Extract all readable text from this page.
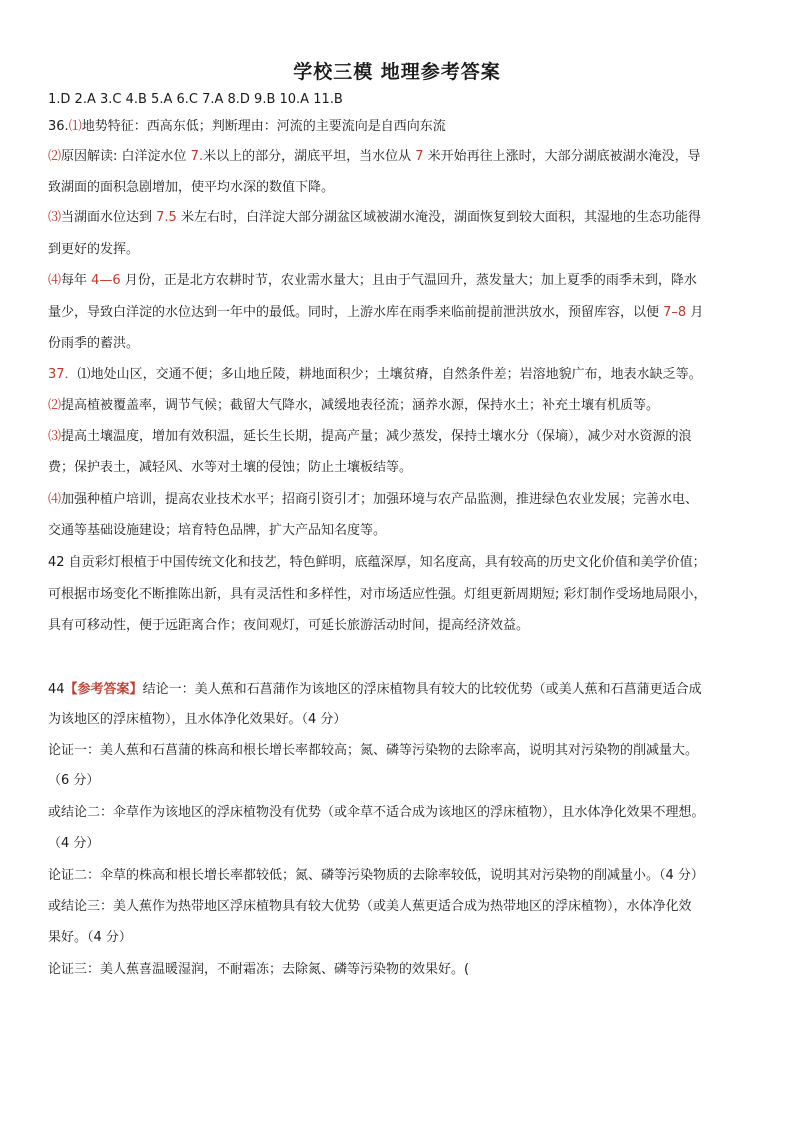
学校三模 地理参考答案
1.D 2.A 3.C 4.B 5.A 6.C 7.A 8.D 9.B 10.A 11.B
36.⑴地势特征：西高东低；判断理由：河流的主要流向是自西向东流
⑵原因解读: 白洋淀水位 7.米以上的部分，湖底平坦，当水位从 7 米开始再往上涨时，大部分湖底被湖水淹没，导
致湖面的面积急剧增加，使平均水深的数值下降。
⑶当湖面水位达到 7.5 米左右时，白洋淀大部分湖盆区域被湖水淹没，湖面恢复到较大面积，其湿地的生态功能得
到更好的发挥。
⑷每年 4—6 月份，正是北方农耕时节，农业需水量大；且由于气温回升，蒸发量大；加上夏季的雨季未到，降水
量少，导致白洋淀的水位达到一年中的最低。同时，上游水库在雨季来临前提前泄洪放水，预留库容，以便 7–8 月
份雨季的蓄洪。
37．⑴地处山区，交通不便；多山地丘陵，耕地面积少；土壤贫瘠，自然条件差；岩溶地貌广布，地表水缺乏等。
⑵提高植被覆盖率，调节气候；截留大气降水，减缓地表径流；涵养水源，保持水土；补充土壤有机质等。
⑶提高土壤温度，增加有效积温，延长生长期，提高产量；减少蒸发，保持土壤水分（保墒），减少对水资源的浪
费；保护表土，减轻风、水等对土壤的侵蚀；防止土壤板结等。
⑷加强种植户培训，提高农业技术水平；招商引资引才；加强环境与农产品监测，推进绿色农业发展；完善水电、
交通等基础设施建设；培育特色品牌，扩大产品知名度等。
42 自贡彩灯根植于中国传统文化和技艺，特色鲜明，底蕴深厚，知名度高，具有较高的历史文化价值和美学价值；
可根据市场变化不断推陈出新，具有灵活性和多样性，对市场适应性强。灯组更新周期短; 彩灯制作受场地局限小，
具有可移动性，便于远距离合作；夜间观灯，可延长旅游活动时间，提高经济效益。
44【参考答案】结论一：美人蕉和石菖蒲作为该地区的浮床植物具有较大的比较优势（或美人蕉和石菖蒲更适合成
为该地区的浮床植物），且水体净化效果好。（4 分）
论证一：美人蕉和石菖蒲的株高和根长增长率都较高；氮、磷等污染物的去除率高，说明其对污染物的削减量大。
（6 分）
或结论二：伞草作为该地区的浮床植物没有优势（或伞草不适合成为该地区的浮床植物），且水体净化效果不理想。
（4 分）
论证二：伞草的株高和根长增长率都较低；氮、磷等污染物质的去除率较低，说明其对污染物的削减量小。（4 分）
或结论三：美人蕉作为热带地区浮床植物具有较大优势（或美人蕉更适合成为热带地区的浮床植物），水体净化效
果好。（4 分）
论证三：美人蕉喜温暖湿润，不耐霜冻；去除氮、磷等污染物的效果好。(
